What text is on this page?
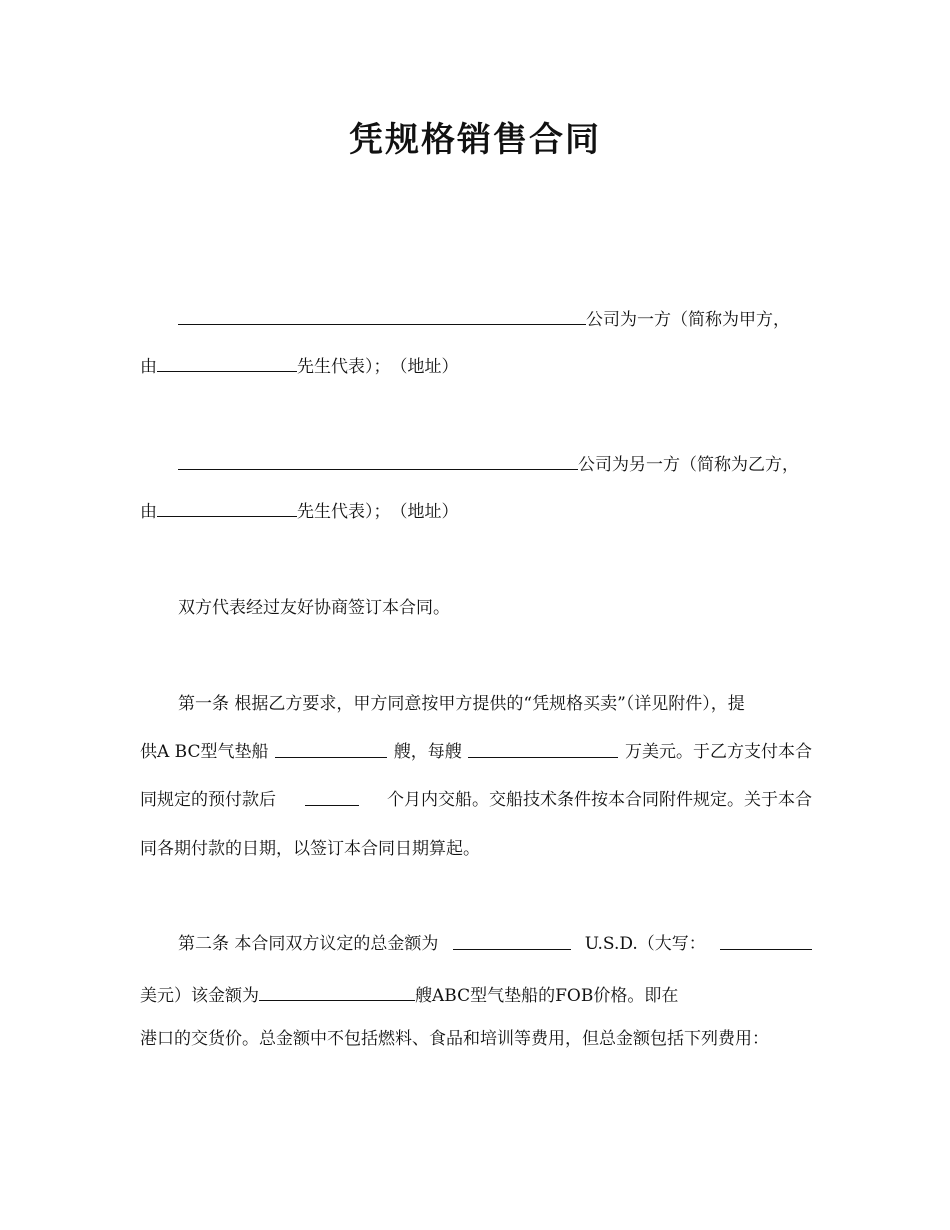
凭规格销售合同
公司为一方（简称为甲方，
由	先生代表）；　（地址）
公司为另一方（简称为乙方，
由	先生代表）；　（地址）
双方代表经过友好协商签订本合同。
第一条 根据乙方要求，甲方同意按甲方提供的“凭规格买卖”（详见附件），提
供A BC型气垫船	艘，每艘	万美元。于乙方支付本合
同规定的预付款后	个月内交船。交船技术条件按本合同附件规定。关于本合
同各期付款的日期，以签订本合同日期算起。
第二条 本合同双方议定的总金额为	U.S.D.（大写：
美元）该金额为	艘ABC型气垫船的FOB价格。即在
港口的交货价。总金额中不包括燃料、食品和培训等费用，但总金额包括下列费用：
